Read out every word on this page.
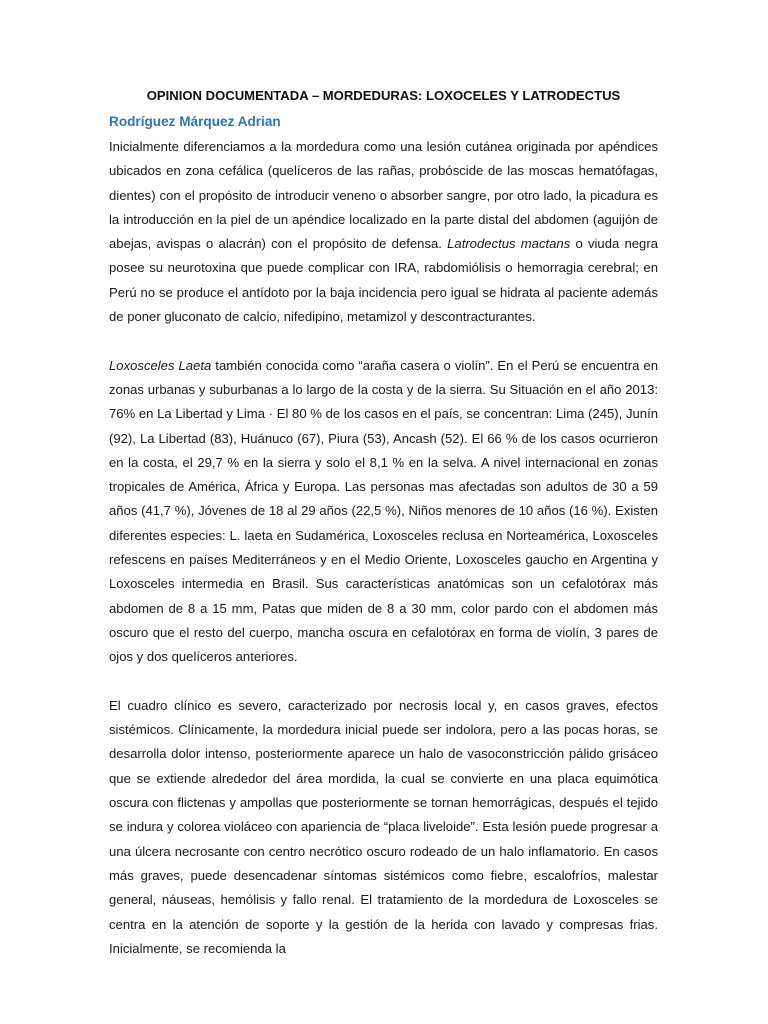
OPINION DOCUMENTADA – MORDEDURAS: LOXOCELES Y LATRODECTUS
Rodríguez Márquez Adrian

Inicialmente diferenciamos a la mordedura como una lesión cutánea originada por apéndices ubicados en zona cefálica (quelíceros de las rañas, probóscide de las moscas hematófagas, dientes) con el propósito de introducir veneno o absorber sangre, por otro lado, la picadura es la introducción en la piel de un apéndice localizado en la parte distal del abdomen (aguijón de abejas, avispas o alacrán) con el propósito de defensa. Latrodectus mactans o viuda negra posee su neurotoxina que puede complicar con IRA, rabdomiólisis o hemorragia cerebral; en Perú no se produce el antídoto por la baja incidencia pero igual se hidrata al paciente además de poner gluconato de calcio, nifedipino, metamizol y descontracturantes.

Loxosceles Laeta también conocida como “araña casera o violín”. En el Perú se encuentra en zonas urbanas y suburbanas a lo largo de la costa y de la sierra. Su Situación en el año 2013: 76% en La Libertad y Lima · El 80 % de los casos en el país, se concentran: Lima (245), Junín (92), La Libertad (83), Huánuco (67), Piura (53), Ancash (52). El 66 % de los casos ocurrieron en la costa, el 29,7 % en la sierra y solo el 8,1 % en la selva. A nivel internacional en zonas tropicales de América, África y Europa. Las personas mas afectadas son adultos de 30 a 59 años (41,7 %), Jóvenes de 18 al 29 años (22,5 %), Niños menores de 10 años (16 %). Existen diferentes especies: L. laeta en Sudamérica, Loxosceles reclusa en Norteamérica, Loxosceles refescens en países Mediterráneos y en el Medio Oriente, Loxosceles gaucho en Argentina y Loxosceles intermedia en Brasil. Sus características anatómicas son un cefalotórax más abdomen de 8 a 15 mm, Patas que miden de 8 a 30 mm, color pardo con el abdomen más oscuro que el resto del cuerpo, mancha oscura en cefalotórax en forma de violín, 3 pares de ojos y dos quelíceros anteriores.

El cuadro clínico es severo, caracterizado por necrosis local y, en casos graves, efectos sistémicos. Clínicamente, la mordedura inicial puede ser indolora, pero a las pocas horas, se desarrolla dolor intenso, posteriormente aparece un halo de vasoconstricción pálido grisáceo que se extiende alrededor del área mordida, la cual se convierte en una placa equimótica oscura con flictenas y ampollas que posteriormente se tornan hemorrágicas, después el tejido se indura y colorea violáceo con apariencia de “placa liveloide”. Esta lesión puede progresar a una úlcera necrosante con centro necrótico oscuro rodeado de un halo inflamatorio. En casos más graves, puede desencadenar síntomas sistémicos como fiebre, escalofríos, malestar general, náuseas, hemólisis y fallo renal. El tratamiento de la mordedura de Loxosceles se centra en la atención de soporte y la gestión de la herida con lavado y compresas frias. Inicialmente, se recomienda la
